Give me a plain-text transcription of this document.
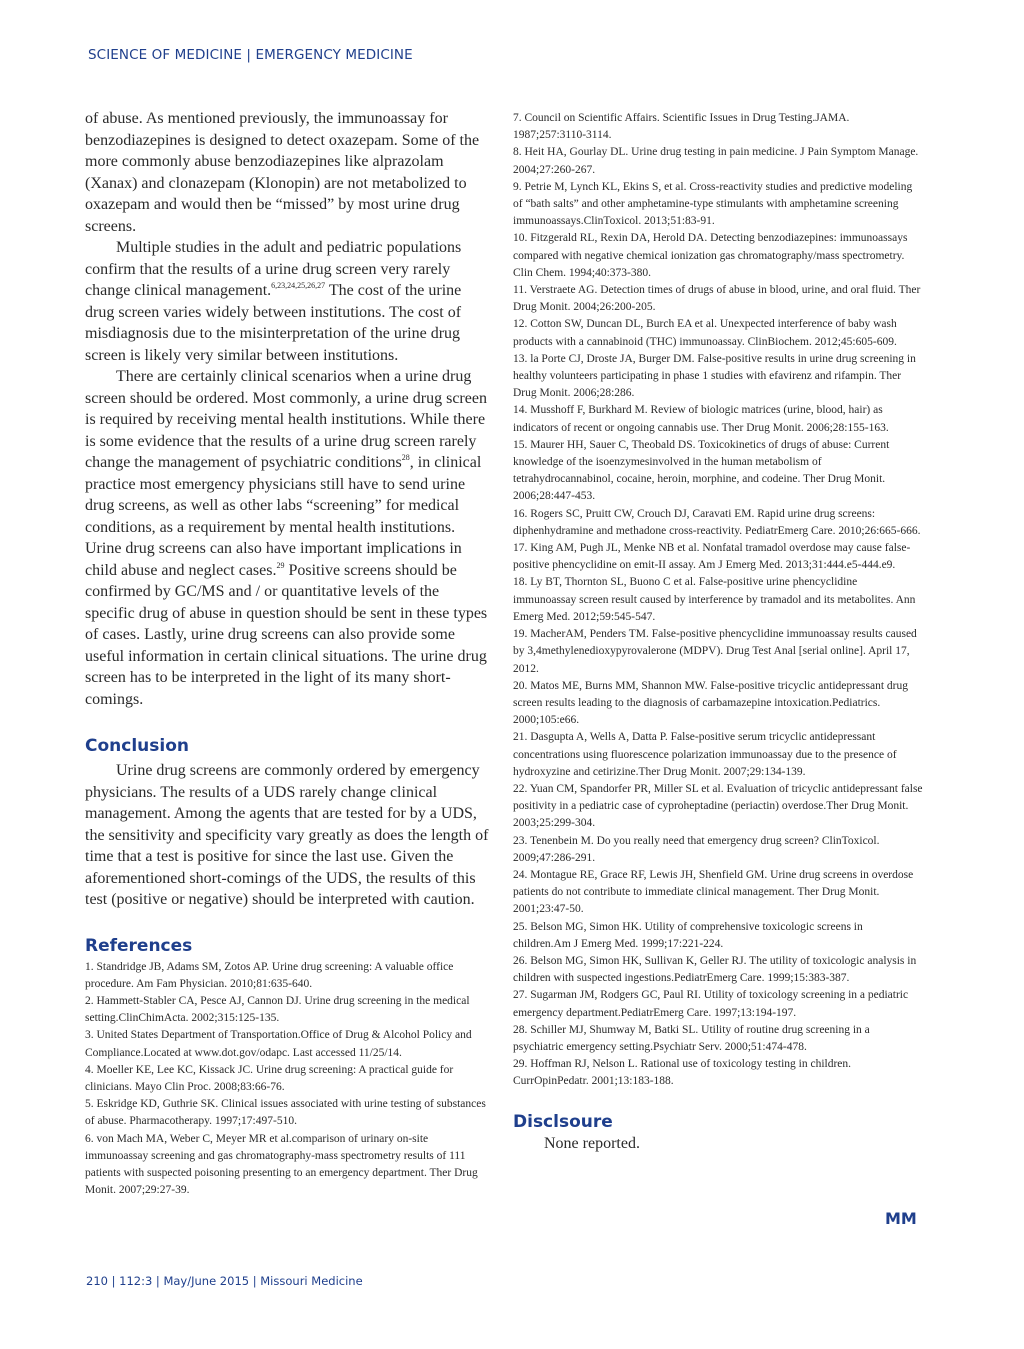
SCIENCE OF MEDICINE | EMERGENCY MEDICINE

of abuse. As mentioned previously, the immunoassay for benzodiazepines is designed to detect oxazepam. Some of the more commonly abuse benzodiazepines like alprazolam (Xanax) and clonazepam (Klonopin) are not metabolized to oxazepam and would then be “missed” by most urine drug screens.

Multiple studies in the adult and pediatric populations confirm that the results of a urine drug screen very rarely change clinical management.$^{6,23,24,25,26,27}$ The cost of the urine drug screen varies widely between institutions. The cost of misdiagnosis due to the misinterpretation of the urine drug screen is likely very similar between institutions.

There are certainly clinical scenarios when a urine drug screen should be ordered. Most commonly, a urine drug screen is required by receiving mental health institutions. While there is some evidence that the results of a urine drug screen rarely change the management of psychiatric conditions$^{28}$, in clinical practice most emergency physicians still have to send urine drug screens, as well as other labs “screening” for medical conditions, as a requirement by mental health institutions. Urine drug screens can also have important implications in child abuse and neglect cases.$^{29}$ Positive screens should be confirmed by GC/MS and / or quantitative levels of the specific drug of abuse in question should be sent in these types of cases. Lastly, urine drug screens can also provide some useful information in certain clinical situations. The urine drug screen has to be interpreted in the light of its many short-comings.

Conclusion

Urine drug screens are commonly ordered by emergency physicians. The results of a UDS rarely change clinical management. Among the agents that are tested for by a UDS, the sensitivity and specificity vary greatly as does the length of time that a test is positive for since the last use. Given the aforementioned short-comings of the UDS, the results of this test (positive or negative) should be interpreted with caution.

References
1. Standridge JB, Adams SM, Zotos AP. Urine drug screening: A valuable office procedure. Am Fam Physician. 2010;81:635-640.
2. Hammett-Stabler CA, Pesce AJ, Cannon DJ. Urine drug screening in the medical setting.ClinChimActa. 2002;315:125-135.
3. United States Department of Transportation.Office of Drug & Alcohol Policy and Compliance.Located at www.dot.gov/odapc. Last accessed 11/25/14.
4. Moeller KE, Lee KC, Kissack JC. Urine drug screening: A practical guide for clinicians. Mayo Clin Proc. 2008;83:66-76.
5. Eskridge KD, Guthrie SK. Clinical issues associated with urine testing of substances of abuse. Pharmacotherapy. 1997;17:497-510.
6. von Mach MA, Weber C, Meyer MR et al.comparison of urinary on-site immunoassay screening and gas chromatography-mass spectrometry results of 111 patients with suspected poisoning presenting to an emergency department. Ther Drug Monit. 2007;29:27-39.
7. Council on Scientific Affairs. Scientific Issues in Drug Testing.JAMA. 1987;257:3110-3114.
8. Heit HA, Gourlay DL. Urine drug testing in pain medicine. J Pain Symptom Manage. 2004;27:260-267.
9. Petrie M, Lynch KL, Ekins S, et al. Cross-reactivity studies and predictive modeling of “bath salts” and other amphetamine-type stimulants with amphetamine screening immunoassays.ClinToxicol. 2013;51:83-91.
10. Fitzgerald RL, Rexin DA, Herold DA. Detecting benzodiazepines: immunoassays compared with negative chemical ionization gas chromatography/mass spectrometry. Clin Chem. 1994;40:373-380.
11. Verstraete AG. Detection times of drugs of abuse in blood, urine, and oral fluid. Ther Drug Monit. 2004;26:200-205.
12. Cotton SW, Duncan DL, Burch EA et al. Unexpected interference of baby wash products with a cannabinoid (THC) immunoassay. ClinBiochem. 2012;45:605-609.
13. la Porte CJ, Droste JA, Burger DM. False-positive results in urine drug screening in healthy volunteers participating in phase 1 studies with efavirenz and rifampin. Ther Drug Monit. 2006;28:286.
14. Musshoff F, Burkhard M. Review of biologic matrices (urine, blood, hair) as indicators of recent or ongoing cannabis use. Ther Drug Monit. 2006;28:155-163.
15. Maurer HH, Sauer C, Theobald DS. Toxicokinetics of drugs of abuse: Current knowledge of the isoenzymesinvolved in the human metabolism of tetrahydrocannabinol, cocaine, heroin, morphine, and codeine. Ther Drug Monit. 2006;28:447-453.
16. Rogers SC, Pruitt CW, Crouch DJ, Caravati EM. Rapid urine drug screens: diphenhydramine and methadone cross-reactivity. PediatrEmerg Care. 2010;26:665-666.
17. King AM, Pugh JL, Menke NB et al. Nonfatal tramadol overdose may cause false-positive phencyclidine on emit-II assay. Am J Emerg Med. 2013;31:444.e5-444.e9.
18. Ly BT, Thornton SL, Buono C et al. False-positive urine phencyclidine immunoassay screen result caused by interference by tramadol and its metabolites. Ann Emerg Med. 2012;59:545-547.
19. MacherAM, Penders TM. False-positive phencyclidine immunoassay results caused by 3,4methylenedioxypyrovalerone (MDPV). Drug Test Anal [serial online]. April 17, 2012.
20. Matos ME, Burns MM, Shannon MW. False-positive tricyclic antidepressant drug screen results leading to the diagnosis of carbamazepine intoxication.Pediatrics. 2000;105:e66.
21. Dasgupta A, Wells A, Datta P. False-positive serum tricyclic antidepressant concentrations using fluorescence polarization immunoassay due to the presence of hydroxyzine and cetirizine.Ther Drug Monit. 2007;29:134-139.
22. Yuan CM, Spandorfer PR, Miller SL et al. Evaluation of tricyclic antidepressant false positivity in a pediatric case of cyproheptadine (periactin) overdose.Ther Drug Monit. 2003;25:299-304.
23. Tenenbein M. Do you really need that emergency drug screen? ClinToxicol. 2009;47:286-291.
24. Montague RE, Grace RF, Lewis JH, Shenfield GM. Urine drug screens in overdose patients do not contribute to immediate clinical management. Ther Drug Monit. 2001;23:47-50.
25. Belson MG, Simon HK. Utility of comprehensive toxicologic screens in children.Am J Emerg Med. 1999;17:221-224.
26. Belson MG, Simon HK, Sullivan K, Geller RJ. The utility of toxicologic analysis in children with suspected ingestions.PediatrEmerg Care. 1999;15:383-387.
27. Sugarman JM, Rodgers GC, Paul RI. Utility of toxicology screening in a pediatric emergency department.PediatrEmerg Care. 1997;13:194-197.
28. Schiller MJ, Shumway M, Batki SL. Utility of routine drug screening in a psychiatric emergency setting.Psychiatr Serv. 2000;51:474-478.
29. Hoffman RJ, Nelson L. Rational use of toxicology testing in children. CurrOpinPedatr. 2001;13:183-188.
Disclsoure

None reported.

MM
210 | 112:3 | May/June 2015 | Missouri Medicine
